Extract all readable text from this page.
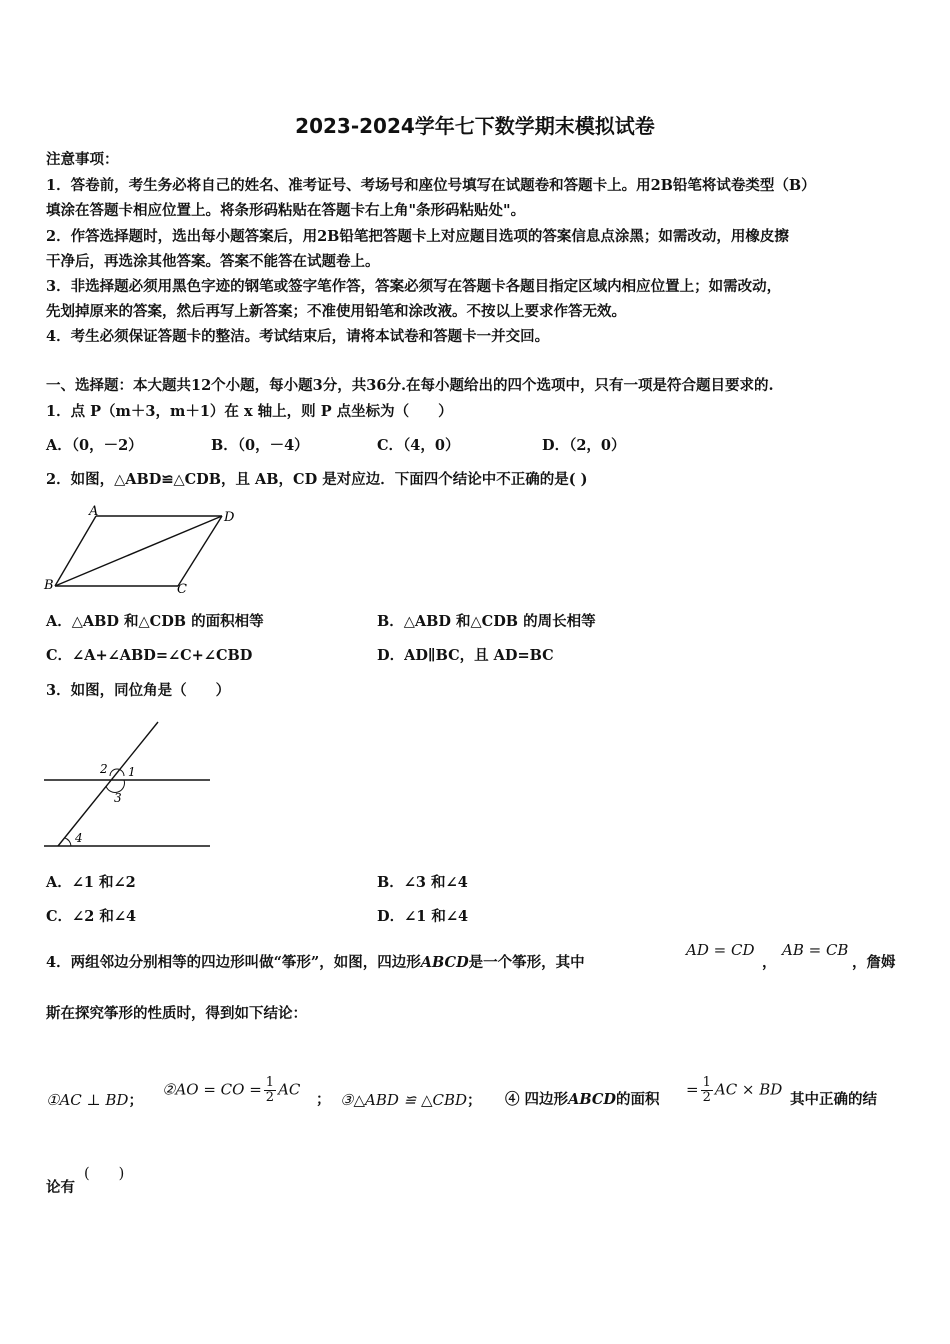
2023-2024学年七下数学期末模拟试卷
注意事项：
1．答卷前，考生务必将自己的姓名、准考证号、考场号和座位号填写在试题卷和答题卡上。用2B铅笔将试卷类型（B）
填涂在答题卡相应位置上。将条形码粘贴在答题卡右上角"条形码粘贴处"。
2．作答选择题时，选出每小题答案后，用2B铅笔把答题卡上对应题目选项的答案信息点涂黑；如需改动，用橡皮擦
干净后，再选涂其他答案。答案不能答在试题卷上。
3．非选择题必须用黑色字迹的钢笔或签字笔作答，答案必须写在答题卡各题目指定区域内相应位置上；如需改动，
先划掉原来的答案，然后再写上新答案；不准使用铅笔和涂改液。不按以上要求作答无效。
4．考生必须保证答题卡的整洁。考试结束后，请将本试卷和答题卡一并交回。
一、选择题：本大题共12个小题，每小题3分，共36分.在每小题给出的四个选项中，只有一项是符合题目要求的.
1．点 P（m＋3，m＋1）在 x 轴上，则 P 点坐标为（　　）
A．（0，－2）	B．（0，－4）	C．（4，0）	D．（2，0）
2．如图，△ABD≌△CDB，且 AB，CD 是对应边．下面四个结论中不正确的是( )
A	D
B	C
A．△ABD 和△CDB 的面积相等	B．△ABD 和△CDB 的周长相等
C．∠A+∠ABD=∠C+∠CBD	D．AD∥BC，且 AD=BC
3．如图，同位角是（　　）
2 1
3
4
A．∠1 和∠2	B．∠3 和∠4
C．∠2 和∠4	D．∠1 和∠4
4．两组邻边分别相等的四边形叫做“筝形”，如图，四边形ABCD是一个筝形，其中
AD = CD
，
AB = CB
，詹姆
斯在探究筝形的性质时，得到如下结论：
①AC ⊥ BD；
②AO = CO = $\frac{1}{2}$ AC
； ③△ABD ≌ △CBD； ④ 四边形ABCD的面积
= $\frac{1}{2}$ AC × BD
其中正确的结
论有
(　　)
